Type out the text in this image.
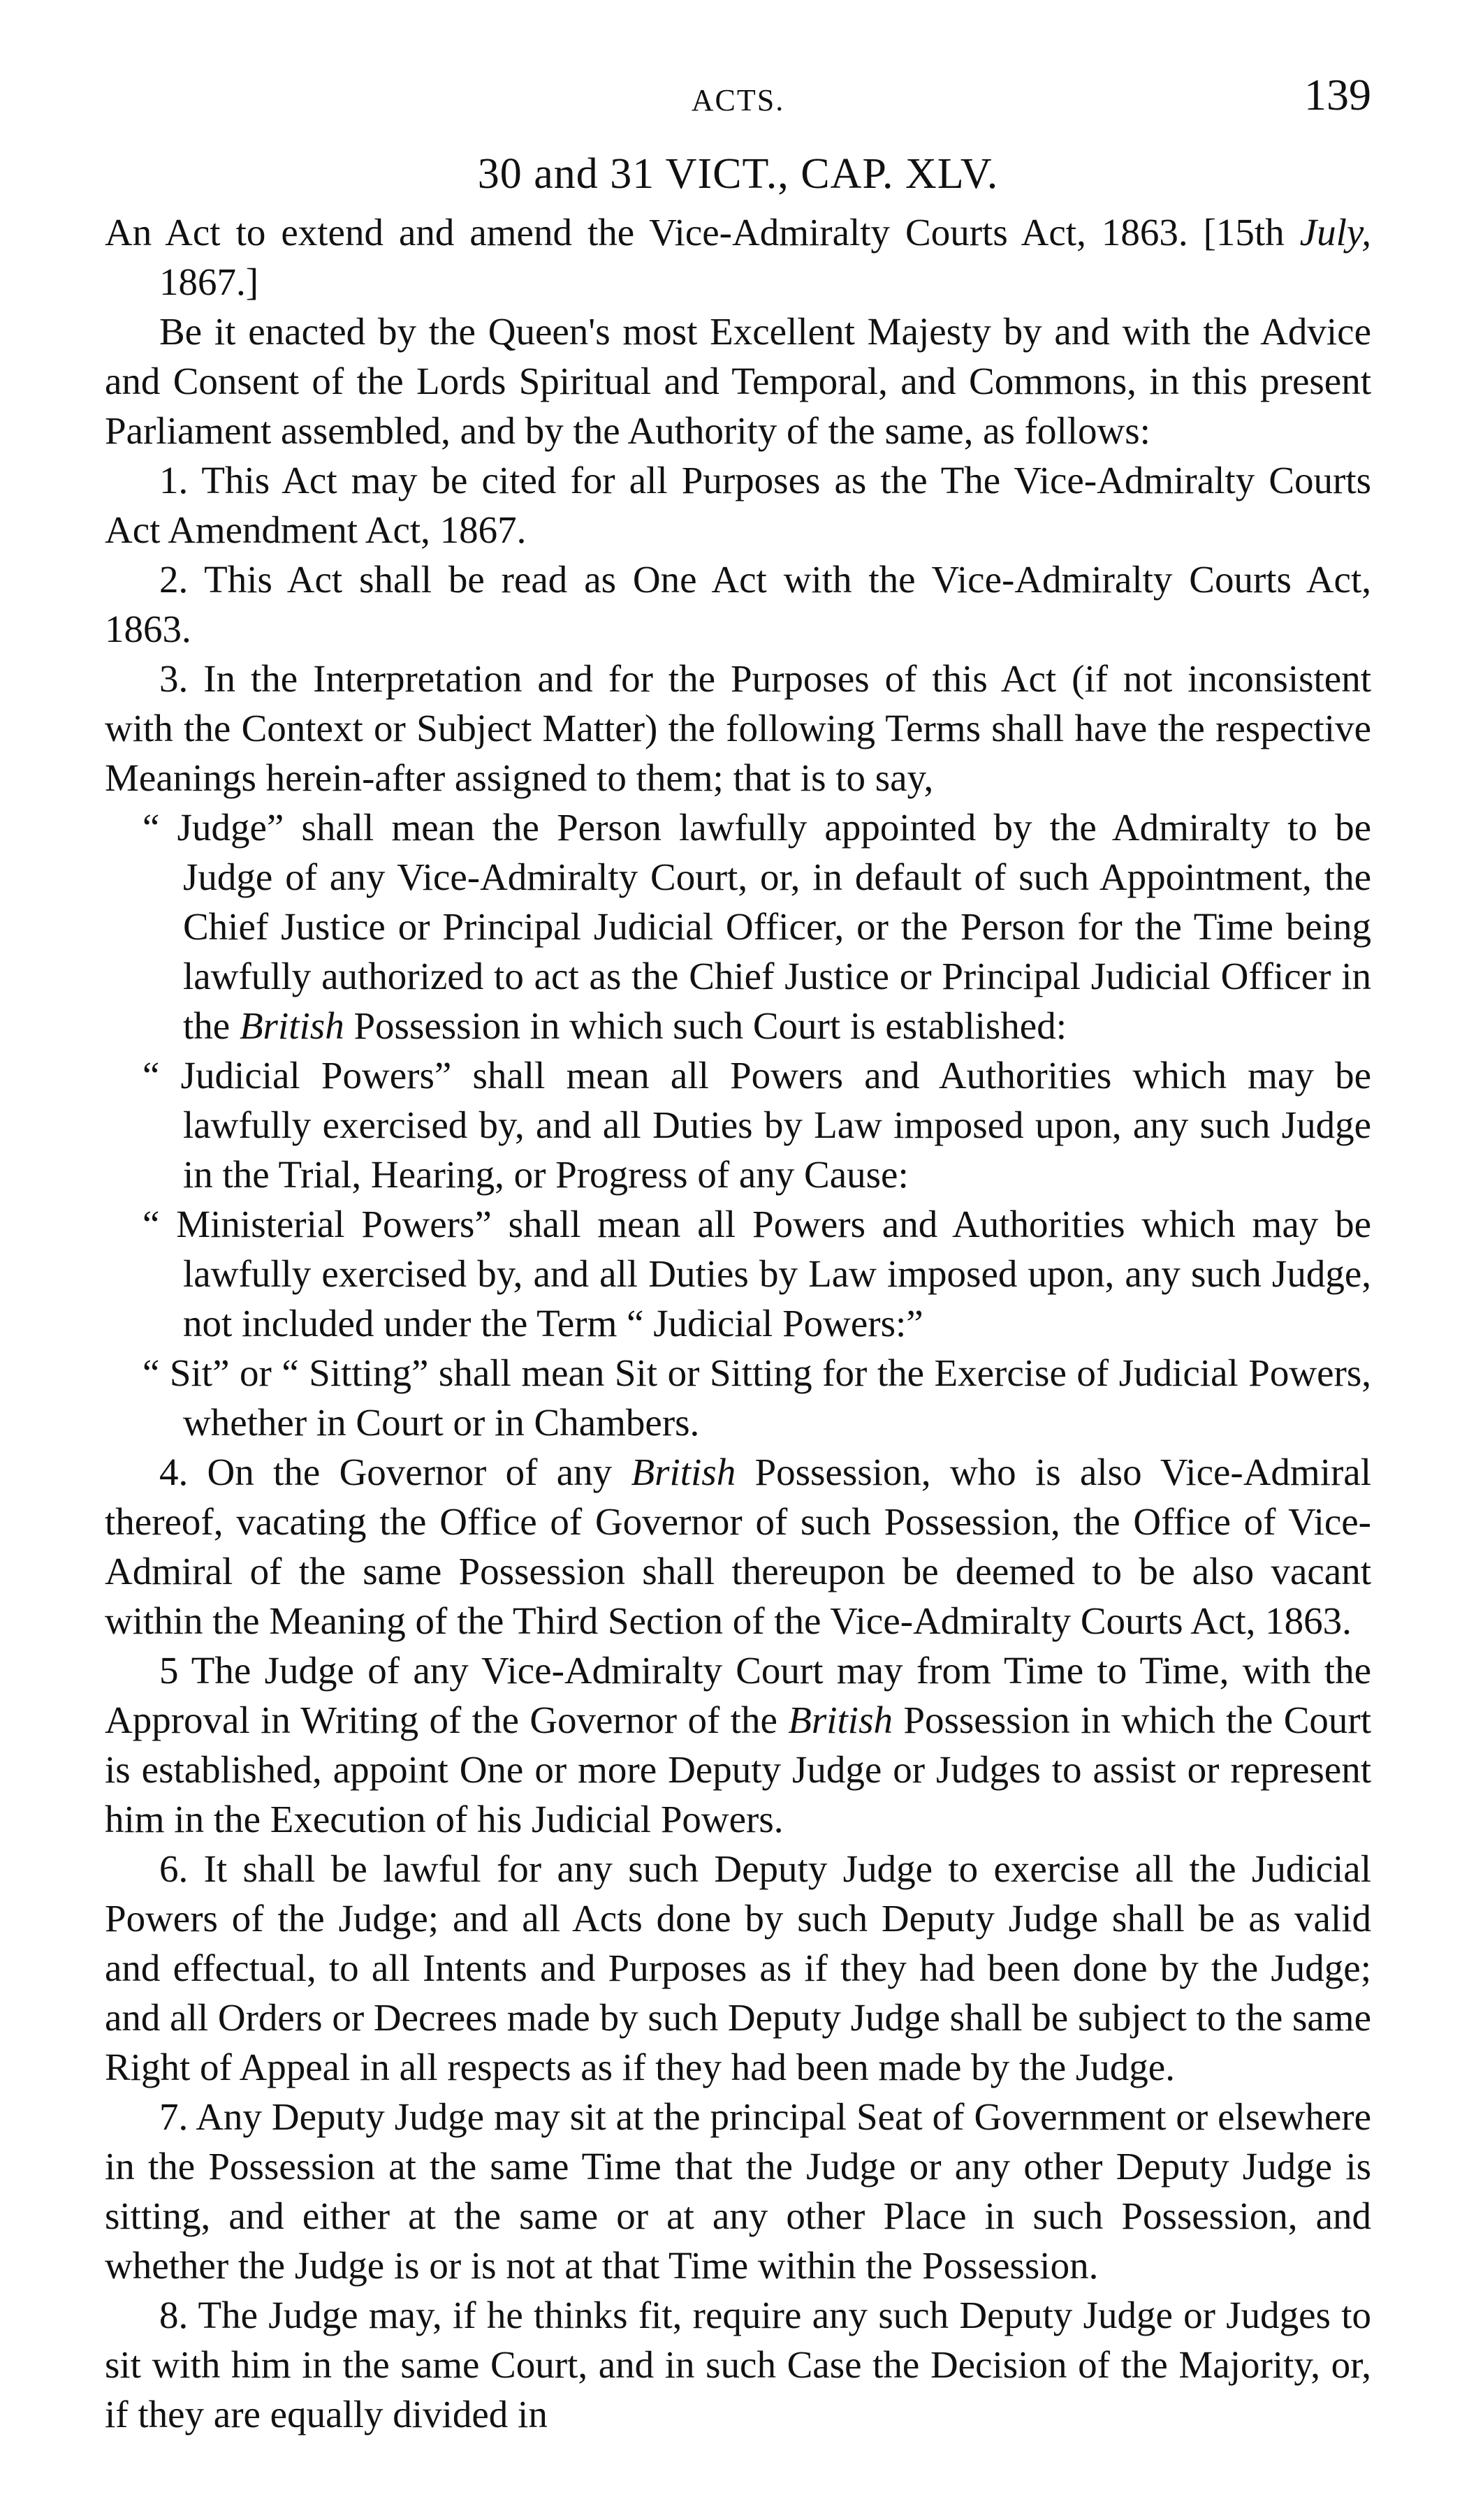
ACTS.	139
30 and 31 VICT., CAP. XLV.

An Act to extend and amend the Vice-Admiralty Courts Act, 1863. [15th July, 1867.]

Be it enacted by the Queen's most Excellent Majesty by and with the Advice and Consent of the Lords Spiritual and Temporal, and Commons, in this present Parliament assembled, and by the Authority of the same, as follows:

1. This Act may be cited for all Purposes as the The Vice-Admiralty Courts Act Amendment Act, 1867.

2. This Act shall be read as One Act with the Vice-Admiralty Courts Act, 1863.

3. In the Interpretation and for the Purposes of this Act (if not inconsistent with the Context or Subject Matter) the following Terms shall have the respective Meanings herein-after assigned to them; that is to say,

“ Judge” shall mean the Person lawfully appointed by the Admiralty to be Judge of any Vice-Admiralty Court, or, in default of such Appointment, the Chief Justice or Principal Judicial Officer, or the Person for the Time being lawfully authorized to act as the Chief Justice or Principal Judicial Officer in the British Possession in which such Court is established:

“ Judicial Powers” shall mean all Powers and Authorities which may be lawfully exercised by, and all Duties by Law imposed upon, any such Judge in the Trial, Hearing, or Progress of any Cause:

“ Ministerial Powers” shall mean all Powers and Authorities which may be lawfully exercised by, and all Duties by Law imposed upon, any such Judge, not included under the Term “ Judicial Powers:”

“ Sit” or “ Sitting” shall mean Sit or Sitting for the Exercise of Judicial Powers, whether in Court or in Chambers.

4. On the Governor of any British Possession, who is also Vice-Admiral thereof, vacating the Office of Governor of such Possession, the Office of Vice-Admiral of the same Possession shall thereupon be deemed to be also vacant within the Meaning of the Third Section of the Vice-Admiralty Courts Act, 1863.

5 The Judge of any Vice-Admiralty Court may from Time to Time, with the Approval in Writing of the Governor of the British Possession in which the Court is established, appoint One or more Deputy Judge or Judges to assist or represent him in the Execution of his Judicial Powers.

6. It shall be lawful for any such Deputy Judge to exercise all the Judicial Powers of the Judge; and all Acts done by such Deputy Judge shall be as valid and effectual, to all Intents and Purposes as if they had been done by the Judge; and all Orders or Decrees made by such Deputy Judge shall be subject to the same Right of Appeal in all respects as if they had been made by the Judge.

7. Any Deputy Judge may sit at the principal Seat of Government or elsewhere in the Possession at the same Time that the Judge or any other Deputy Judge is sitting, and either at the same or at any other Place in such Possession, and whether the Judge is or is not at that Time within the Possession.

8. The Judge may, if he thinks fit, require any such Deputy Judge or Judges to sit with him in the same Court, and in such Case the Decision of the Majority, or, if they are equally divided in
